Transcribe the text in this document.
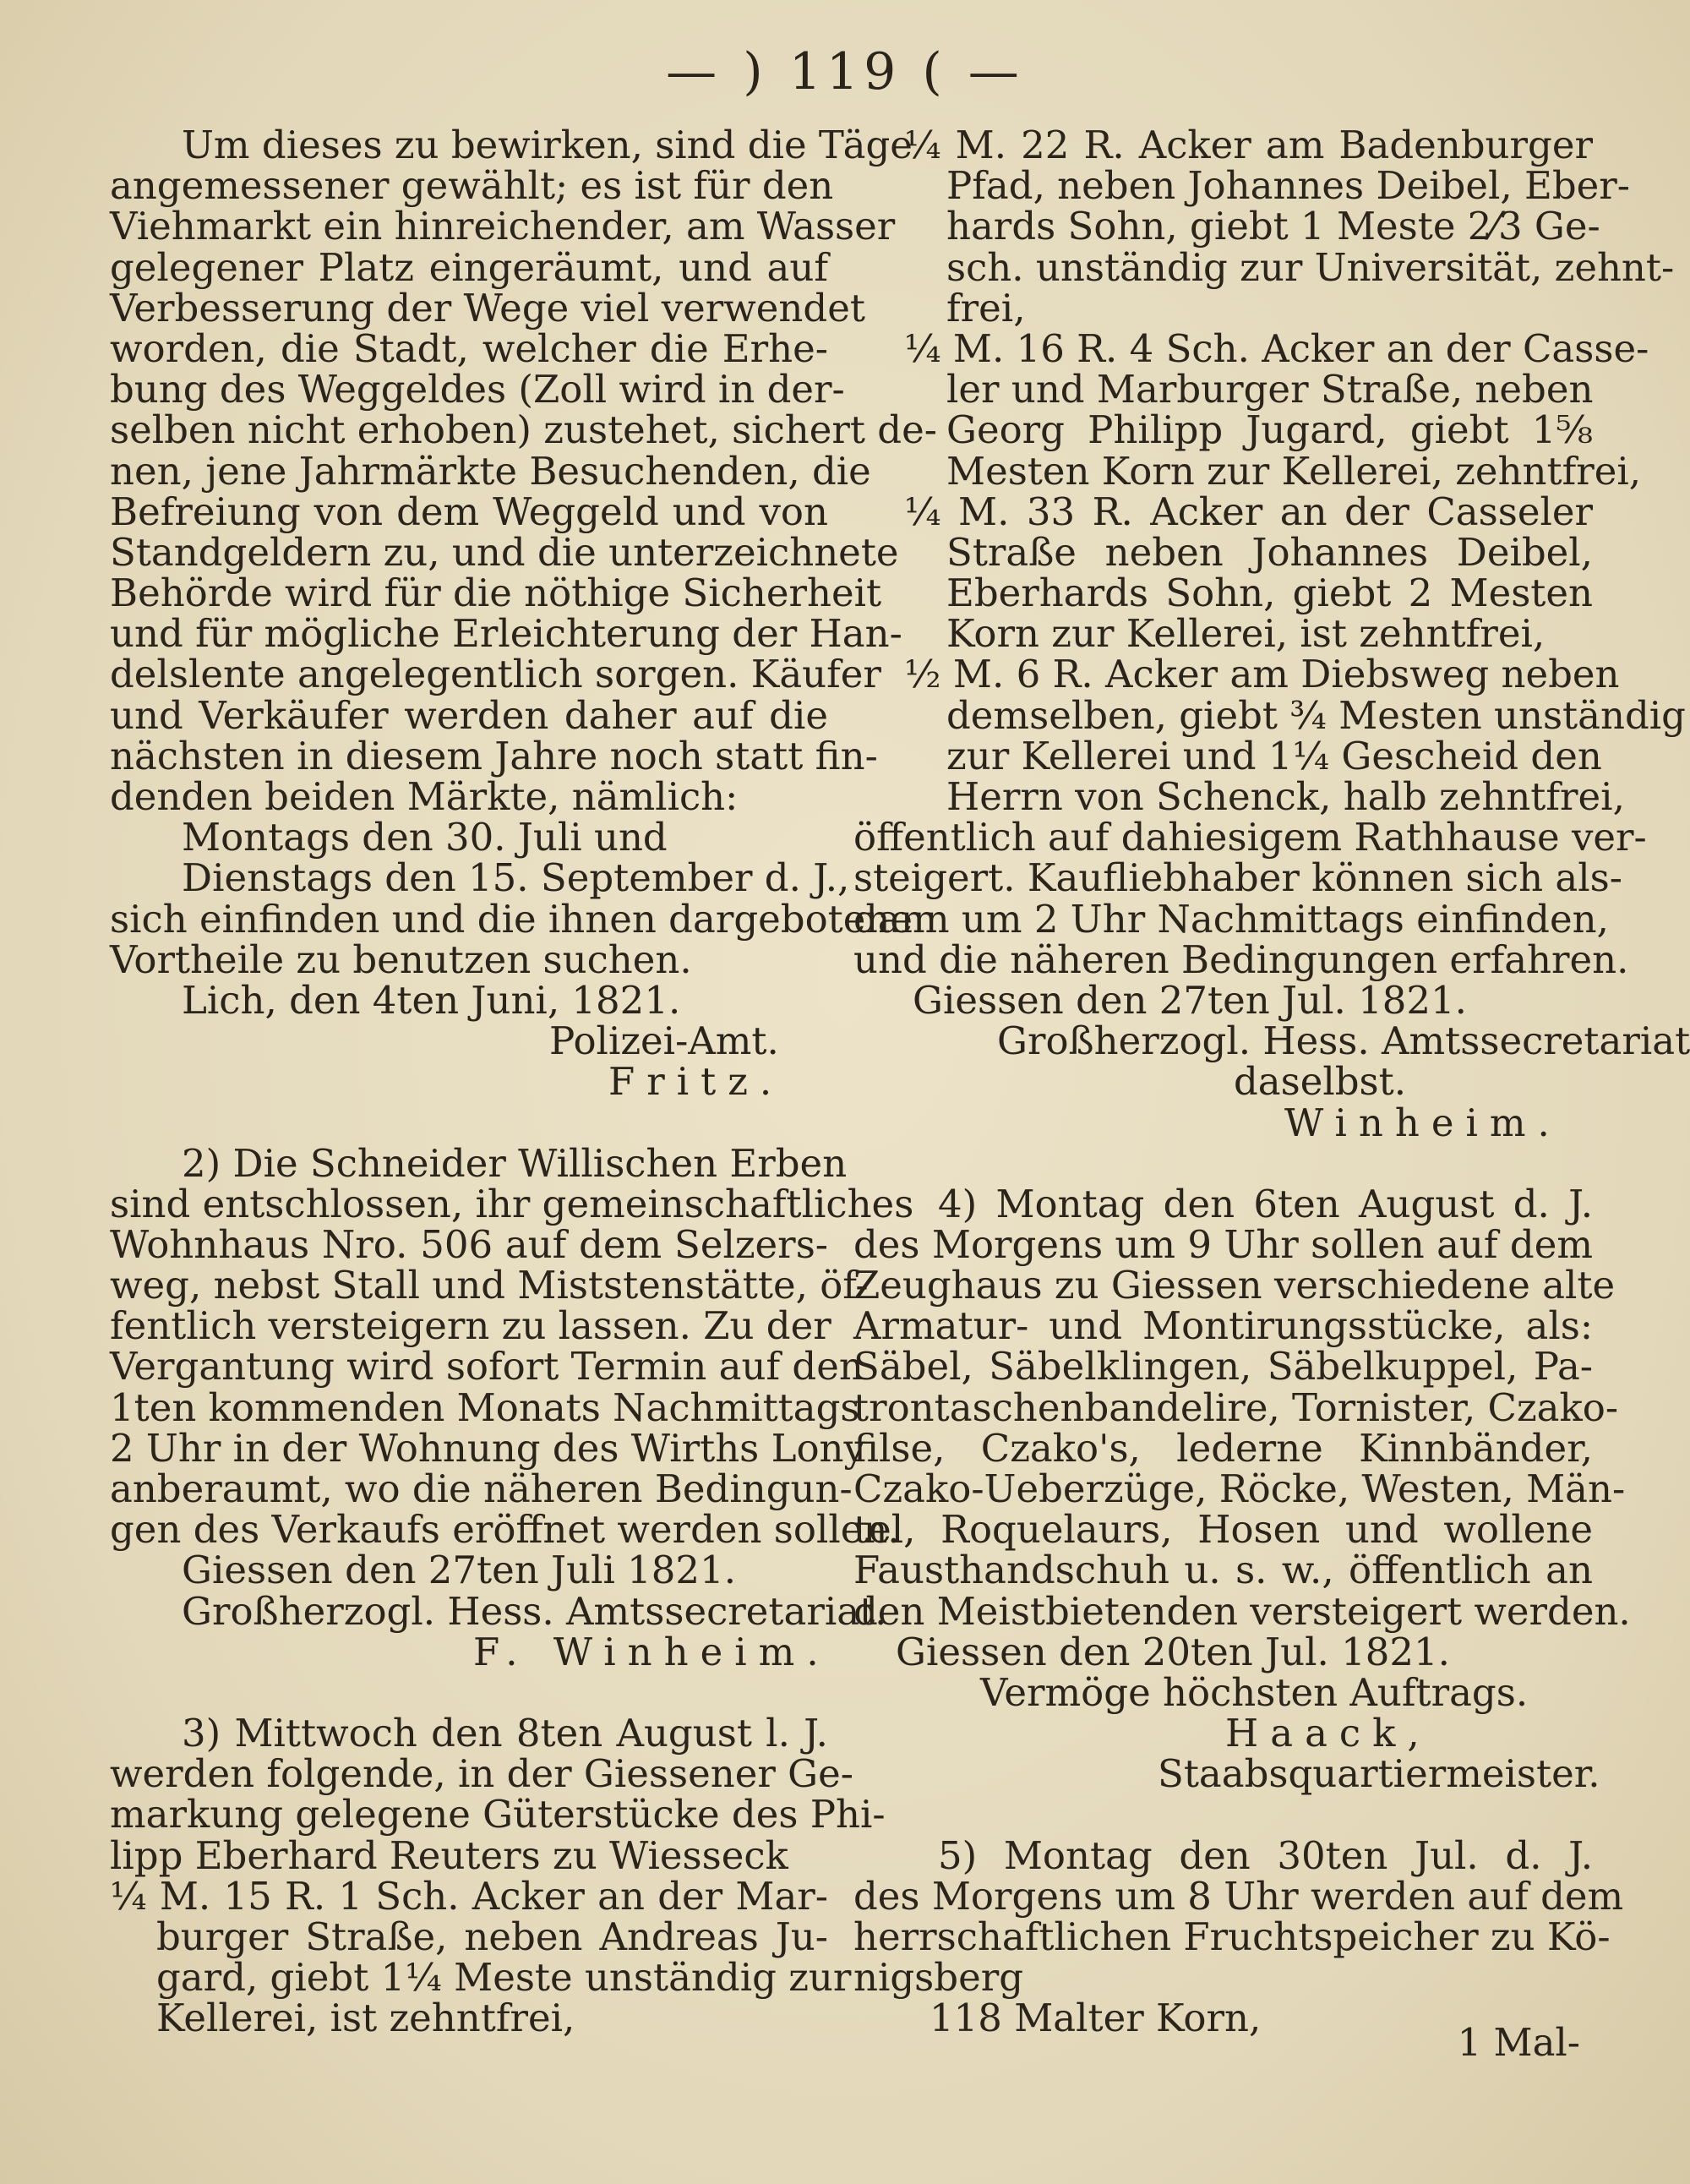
— ) 119 ( —
Um dieses zu bewirken, sind die Täge
angemessener gewählt; es ist für den
Viehmarkt ein hinreichender, am Wasser
gelegener Platz eingeräumt, und auf
Verbesserung der Wege viel verwendet
worden, die Stadt, welcher die Erhe-
bung des Weggeldes (Zoll wird in der-
selben nicht erhoben) zustehet, sichert de-
nen, jene Jahrmärkte Besuchenden, die
Befreiung von dem Weggeld und von
Standgeldern zu, und die unterzeichnete
Behörde wird für die nöthige Sicherheit
und für mögliche Erleichterung der Han-
delslente angelegentlich sorgen. Käufer
und Verkäufer werden daher auf die
nächsten in diesem Jahre noch statt fin-
denden beiden Märkte, nämlich:
Montags den 30. Juli und
Dienstags den 15. September d. J.,
sich einfinden und die ihnen dargebotenen
Vortheile zu benutzen suchen.
Lich, den 4ten Juni, 1821.
Polizei-Amt.
Fritz.
2) Die Schneider Willischen Erben
sind entschlossen, ihr gemeinschaftliches
Wohnhaus Nro. 506 auf dem Selzers-
weg, nebst Stall und Miststenstätte, öf-
fentlich versteigern zu lassen. Zu der
Vergantung wird sofort Termin auf den
1ten kommenden Monats Nachmittags
2 Uhr in der Wohnung des Wirths Lony
anberaumt, wo die näheren Bedingun-
gen des Verkaufs eröffnet werden sollen.
Giessen den 27ten Juli 1821.
Großherzogl. Hess. Amtssecretariat.
F. Winheim.
3) Mittwoch den 8ten August l. J.
werden folgende, in der Giessener Ge-
markung gelegene Güterstücke des Phi-
lipp Eberhard Reuters zu Wiesseck
¼ M. 15 R. 1 Sch. Acker an der Mar-
burger Straße, neben Andreas Ju-
gard, giebt 1¼ Meste unständig zur
Kellerei, ist zehntfrei,
¼ M. 22 R. Acker am Badenburger
Pfad, neben Johannes Deibel, Eber-
hards Sohn, giebt 1 Meste 2⁄3 Ge-
sch. unständig zur Universität, zehnt-
frei,
¼ M. 16 R. 4 Sch. Acker an der Casse-
ler und Marburger Straße, neben
Georg Philipp Jugard, giebt 1⅝
Mesten Korn zur Kellerei, zehntfrei,
¼ M. 33 R. Acker an der Casseler
Straße neben Johannes Deibel,
Eberhards Sohn, giebt 2 Mesten
Korn zur Kellerei, ist zehntfrei,
½ M. 6 R. Acker am Diebsweg neben
demselben, giebt ¾ Mesten unständig
zur Kellerei und 1¼ Gescheid den
Herrn von Schenck, halb zehntfrei,
öffentlich auf dahiesigem Rathhause ver-
steigert. Kaufliebhaber können sich als-
dann um 2 Uhr Nachmittags einfinden,
und die näheren Bedingungen erfahren.
Giessen den 27ten Jul. 1821.
Großherzogl. Hess. Amtssecretariat
daselbst.
Winheim.
4) Montag den 6ten August d. J.
des Morgens um 9 Uhr sollen auf dem
Zeughaus zu Giessen verschiedene alte
Armatur- und Montirungsstücke, als:
Säbel, Säbelklingen, Säbelkuppel, Pa-
trontaschenbandelire, Tornister, Czako-
filse, Czako's, lederne Kinnbänder,
Czako-Ueberzüge, Röcke, Westen, Män-
tel, Roquelaurs, Hosen und wollene
Fausthandschuh u. s. w., öffentlich an
den Meistbietenden versteigert werden.
Giessen den 20ten Jul. 1821.
Vermöge höchsten Auftrags.
Haack,
Staabsquartiermeister.
5) Montag den 30ten Jul. d. J.
des Morgens um 8 Uhr werden auf dem
herrschaftlichen Fruchtspeicher zu Kö-
nigsberg
118 Malter Korn,
1 Mal-
